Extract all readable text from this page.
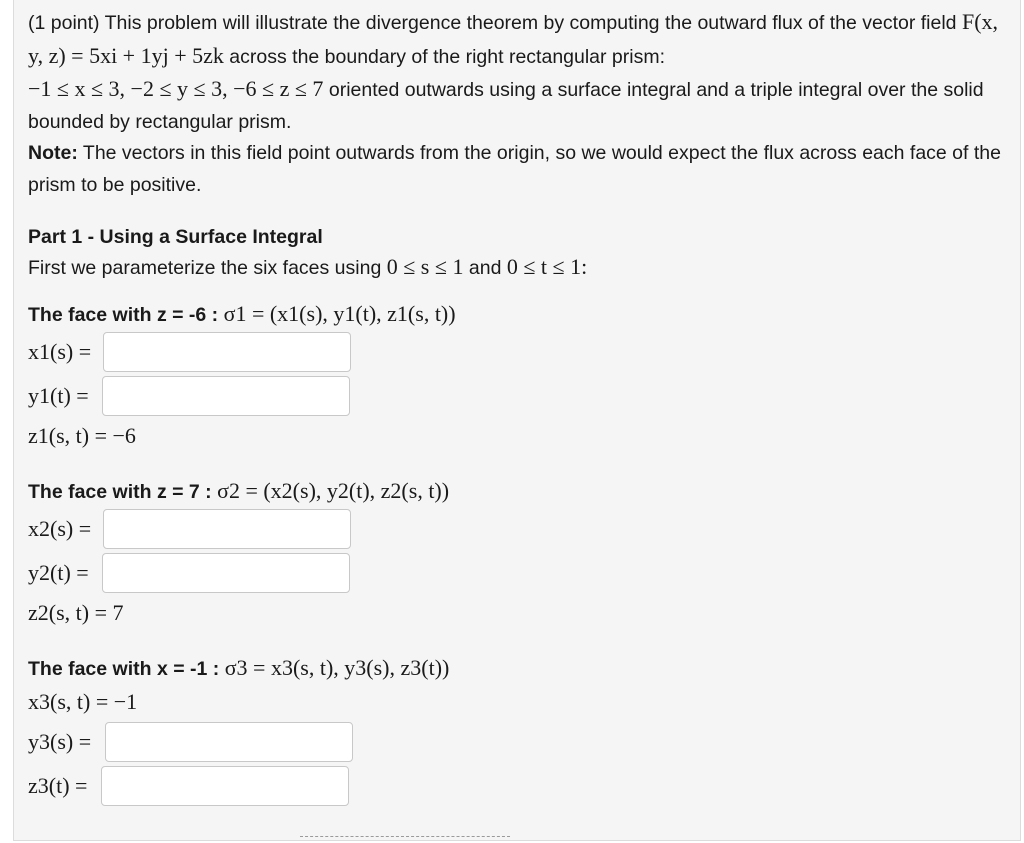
(1 point) This problem will illustrate the divergence theorem by computing the outward flux of the vector field F(x, y, z) = 5xi + 1yj + 5zk across the boundary of the right rectangular prism:
−1 ≤ x ≤ 3, −2 ≤ y ≤ 3, −6 ≤ z ≤ 7 oriented outwards using a surface integral and a triple integral over the solid bounded by rectangular prism.

Note: The vectors in this field point outwards from the origin, so we would expect the flux across each face of the prism to be positive.

Part 1 - Using a Surface Integral

First we parameterize the six faces using 0 ≤ s ≤ 1 and 0 ≤ t ≤ 1:

The face with z = -6 : σ1 = (x1(s), y1(t), z1(s, t))

x1(s) =
y1(t) =
z1(s, t) = −6

The face with z = 7 : σ2 = (x2(s), y2(t), z2(s, t))

x2(s) =
y2(t) =
z2(s, t) = 7

The face with x = -1 : σ3 = x3(s, t), y3(s), z3(t))

x3(s, t) = −1
y3(s) =
z3(t) =
